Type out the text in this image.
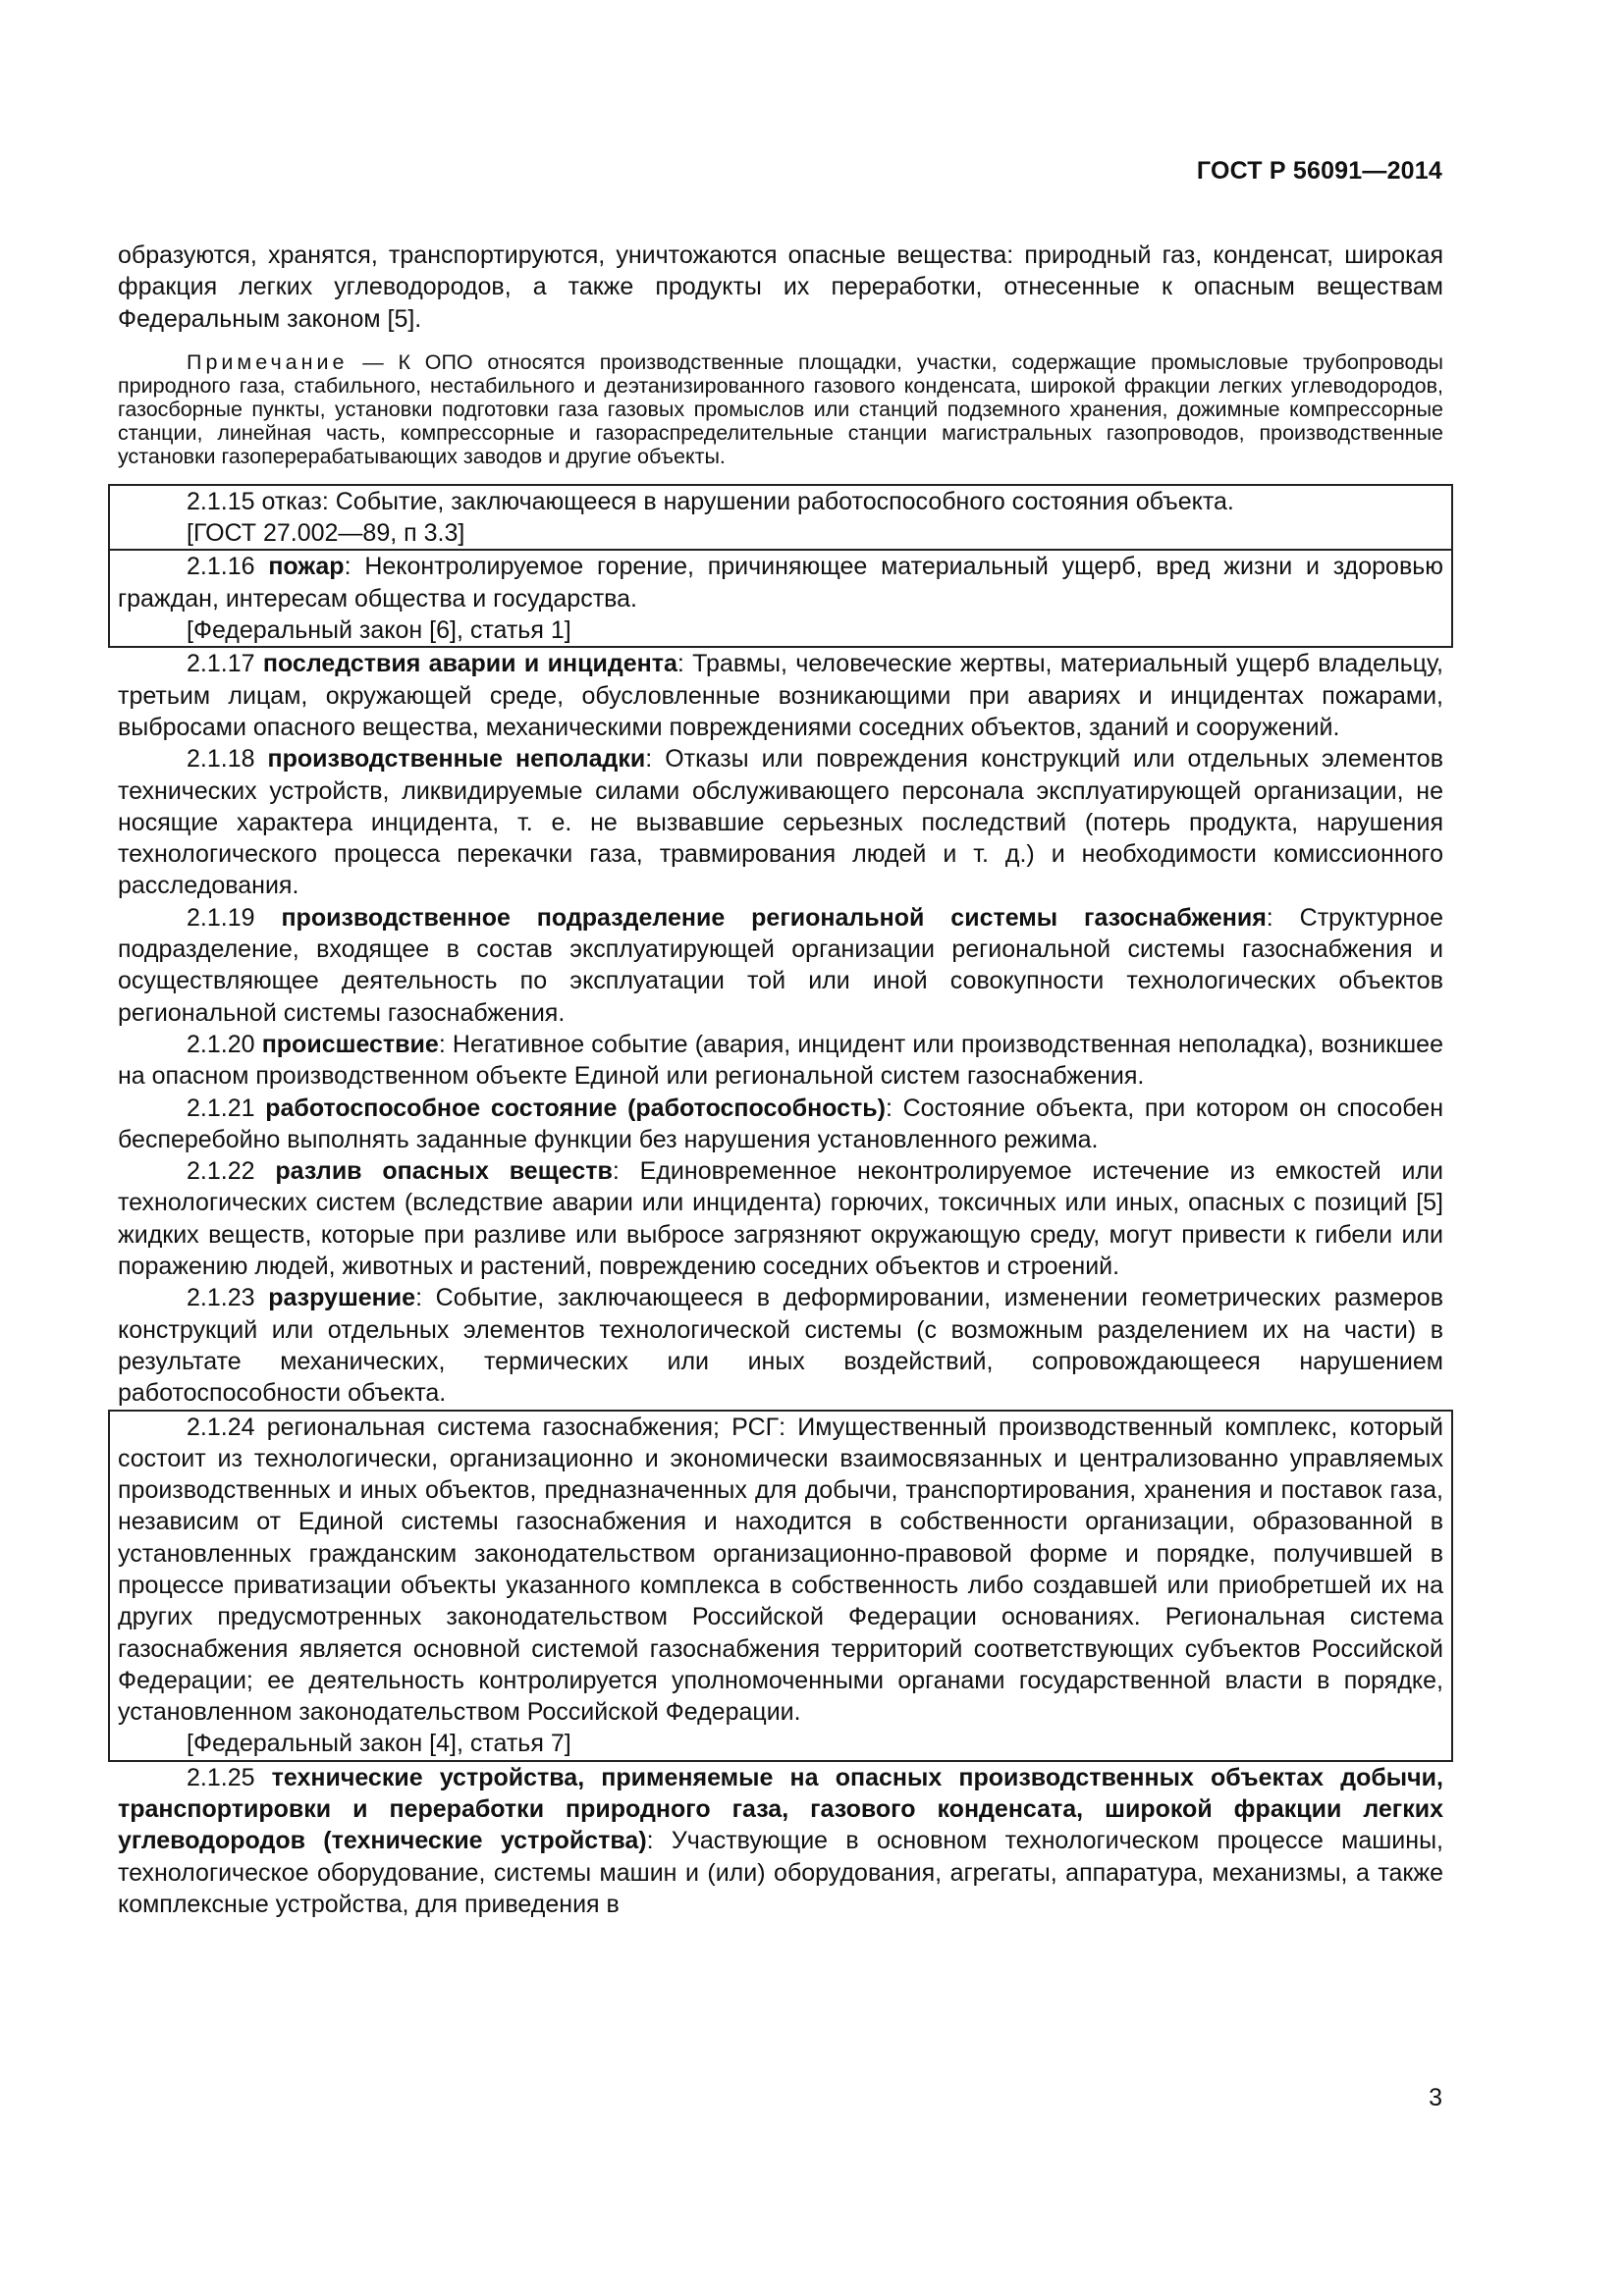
ГОСТ Р 56091—2014

образуются, хранятся, транспортируются, уничтожаются опасные вещества: природный газ, конденсат, широкая фракция легких углеводородов, а также продукты их переработки, отнесенные к опасным веществам Федеральным законом [5].

Примечание — К ОПО относятся производственные площадки, участки, содержащие промысловые трубопроводы природного газа, стабильного, нестабильного и деэтанизированного газового конденсата, широкой фракции легких углеводородов, газосборные пункты, установки подготовки газа газовых промыслов или станций подземного хранения, дожимные компрессорные станции, линейная часть, компрессорные и газораспределительные станции магистральных газопроводов, производственные установки газоперерабатывающих заводов и другие объекты.

2.1.15 отказ: Событие, заключающееся в нарушении работоспособного состояния объекта.

[ГОСТ 27.002—89, п 3.3]

2.1.16 пожар: Неконтролируемое горение, причиняющее материальный ущерб, вред жизни и здоровью граждан, интересам общества и государства.

[Федеральный закон [6], статья 1]

2.1.17 последствия аварии и инцидента: Травмы, человеческие жертвы, материальный ущерб владельцу, третьим лицам, окружающей среде, обусловленные возникающими при авариях и инцидентах пожарами, выбросами опасного вещества, механическими повреждениями соседних объектов, зданий и сооружений.

2.1.18 производственные неполадки: Отказы или повреждения конструкций или отдельных элементов технических устройств, ликвидируемые силами обслуживающего персонала эксплуатирующей организации, не носящие характера инцидента, т. е. не вызвавшие серьезных последствий (потерь продукта, нарушения технологического процесса перекачки газа, травмирования людей и т. д.) и необходимости комиссионного расследования.

2.1.19 производственное подразделение региональной системы газоснабжения: Структурное подразделение, входящее в состав эксплуатирующей организации региональной системы газоснабжения и осуществляющее деятельность по эксплуатации той или иной совокупности технологических объектов региональной системы газоснабжения.

2.1.20 происшествие: Негативное событие (авария, инцидент или производственная неполадка), возникшее на опасном производственном объекте Единой или региональной систем газоснабжения.

2.1.21 работоспособное состояние (работоспособность): Состояние объекта, при котором он способен бесперебойно выполнять заданные функции без нарушения установленного режима.

2.1.22 разлив опасных веществ: Единовременное неконтролируемое истечение из емкостей или технологических систем (вследствие аварии или инцидента) горючих, токсичных или иных, опасных с позиций [5] жидких веществ, которые при разливе или выбросе загрязняют окружающую среду, могут привести к гибели или поражению людей, животных и растений, повреждению соседних объектов и строений.

2.1.23 разрушение: Событие, заключающееся в деформировании, изменении геометрических размеров конструкций или отдельных элементов технологической системы (с возможным разделением их на части) в результате механических, термических или иных воздействий, сопровождающееся нарушением работоспособности объекта.

2.1.24 региональная система газоснабжения; РСГ: Имущественный производственный комплекс, который состоит из технологически, организационно и экономически взаимосвязанных и централизованно управляемых производственных и иных объектов, предназначенных для добычи, транспортирования, хранения и поставок газа, независим от Единой системы газоснабжения и находится в собственности организации, образованной в установленных гражданским законодательством организационно-правовой форме и порядке, получившей в процессе приватизации объекты указанного комплекса в собственность либо создавшей или приобретшей их на других предусмотренных законодательством Российской Федерации основаниях. Региональная система газоснабжения является основной системой газоснабжения территорий соответствующих субъектов Российской Федерации; ее деятельность контролируется уполномоченными органами государственной власти в порядке, установленном законодательством Российской Федерации.

[Федеральный закон [4], статья 7]

2.1.25 технические устройства, применяемые на опасных производственных объектах добычи, транспортировки и переработки природного газа, газового конденсата, широкой фракции легких углеводородов (технические устройства): Участвующие в основном технологическом процессе машины, технологическое оборудование, системы машин и (или) оборудования, агрегаты, аппаратура, механизмы, а также комплексные устройства, для приведения в

3
